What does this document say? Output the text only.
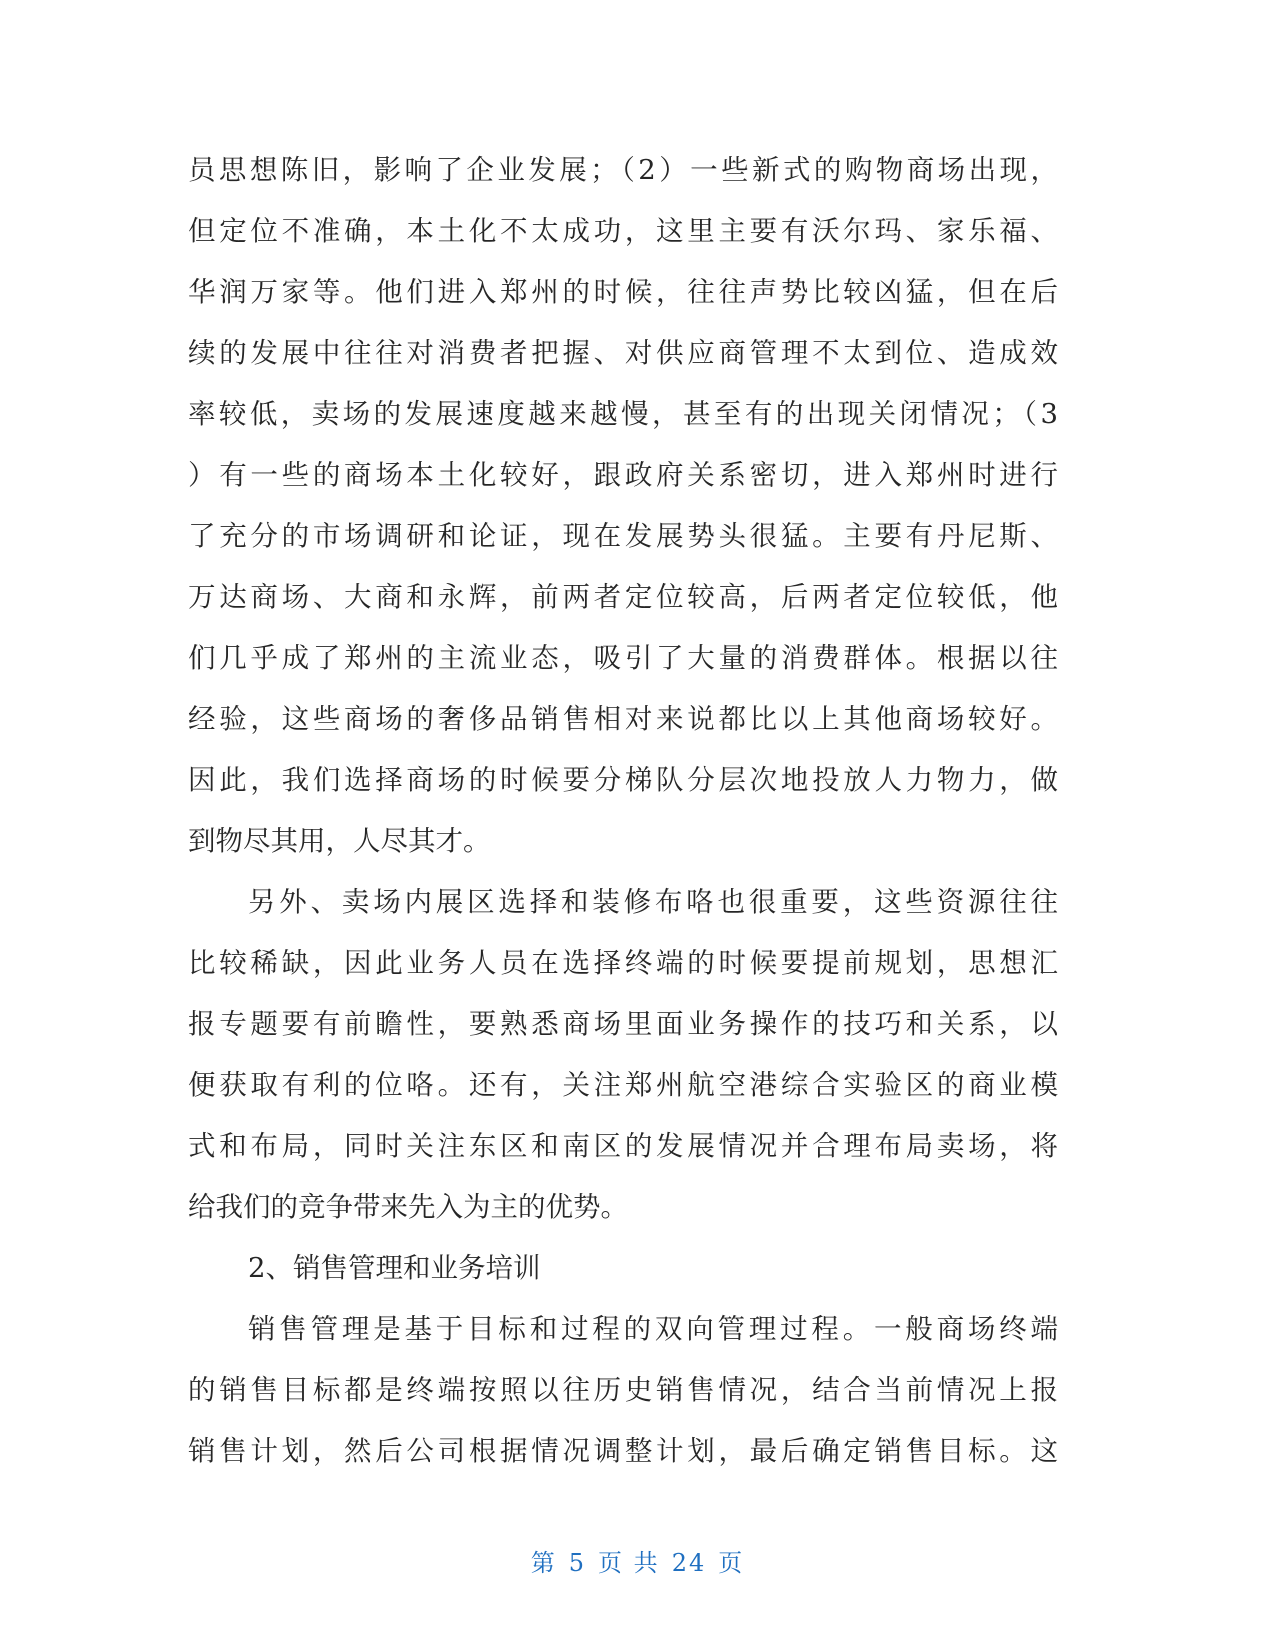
员思想陈旧，影响了企业发展；（2）一些新式的购物商场出现，
但定位不准确，本土化不太成功，这里主要有沃尔玛、家乐福、
华润万家等。他们进入郑州的时候，往往声势比较凶猛，但在后
续的发展中往往对消费者把握、对供应商管理不太到位、造成效
率较低，卖场的发展速度越来越慢，甚至有的出现关闭情况；（3
）有一些的商场本土化较好，跟政府关系密切，进入郑州时进行
了充分的市场调研和论证，现在发展势头很猛。主要有丹尼斯、
万达商场、大商和永辉，前两者定位较高，后两者定位较低，他
们几乎成了郑州的主流业态，吸引了大量的消费群体。根据以往
经验，这些商场的奢侈品销售相对来说都比以上其他商场较好。
因此，我们选择商场的时候要分梯队分层次地投放人力物力，做
到物尽其用，人尽其才。
另外、卖场内展区选择和装修布咯也很重要，这些资源往往
比较稀缺，因此业务人员在选择终端的时候要提前规划，思想汇
报专题要有前瞻性，要熟悉商场里面业务操作的技巧和关系，以
便获取有利的位咯。还有，关注郑州航空港综合实验区的商业模
式和布局，同时关注东区和南区的发展情况并合理布局卖场，将
给我们的竞争带来先入为主的优势。
2、销售管理和业务培训
销售管理是基于目标和过程的双向管理过程。一般商场终端
的销售目标都是终端按照以往历史销售情况，结合当前情况上报
销售计划，然后公司根据情况调整计划，最后确定销售目标。这
第 5 页 共 24 页
